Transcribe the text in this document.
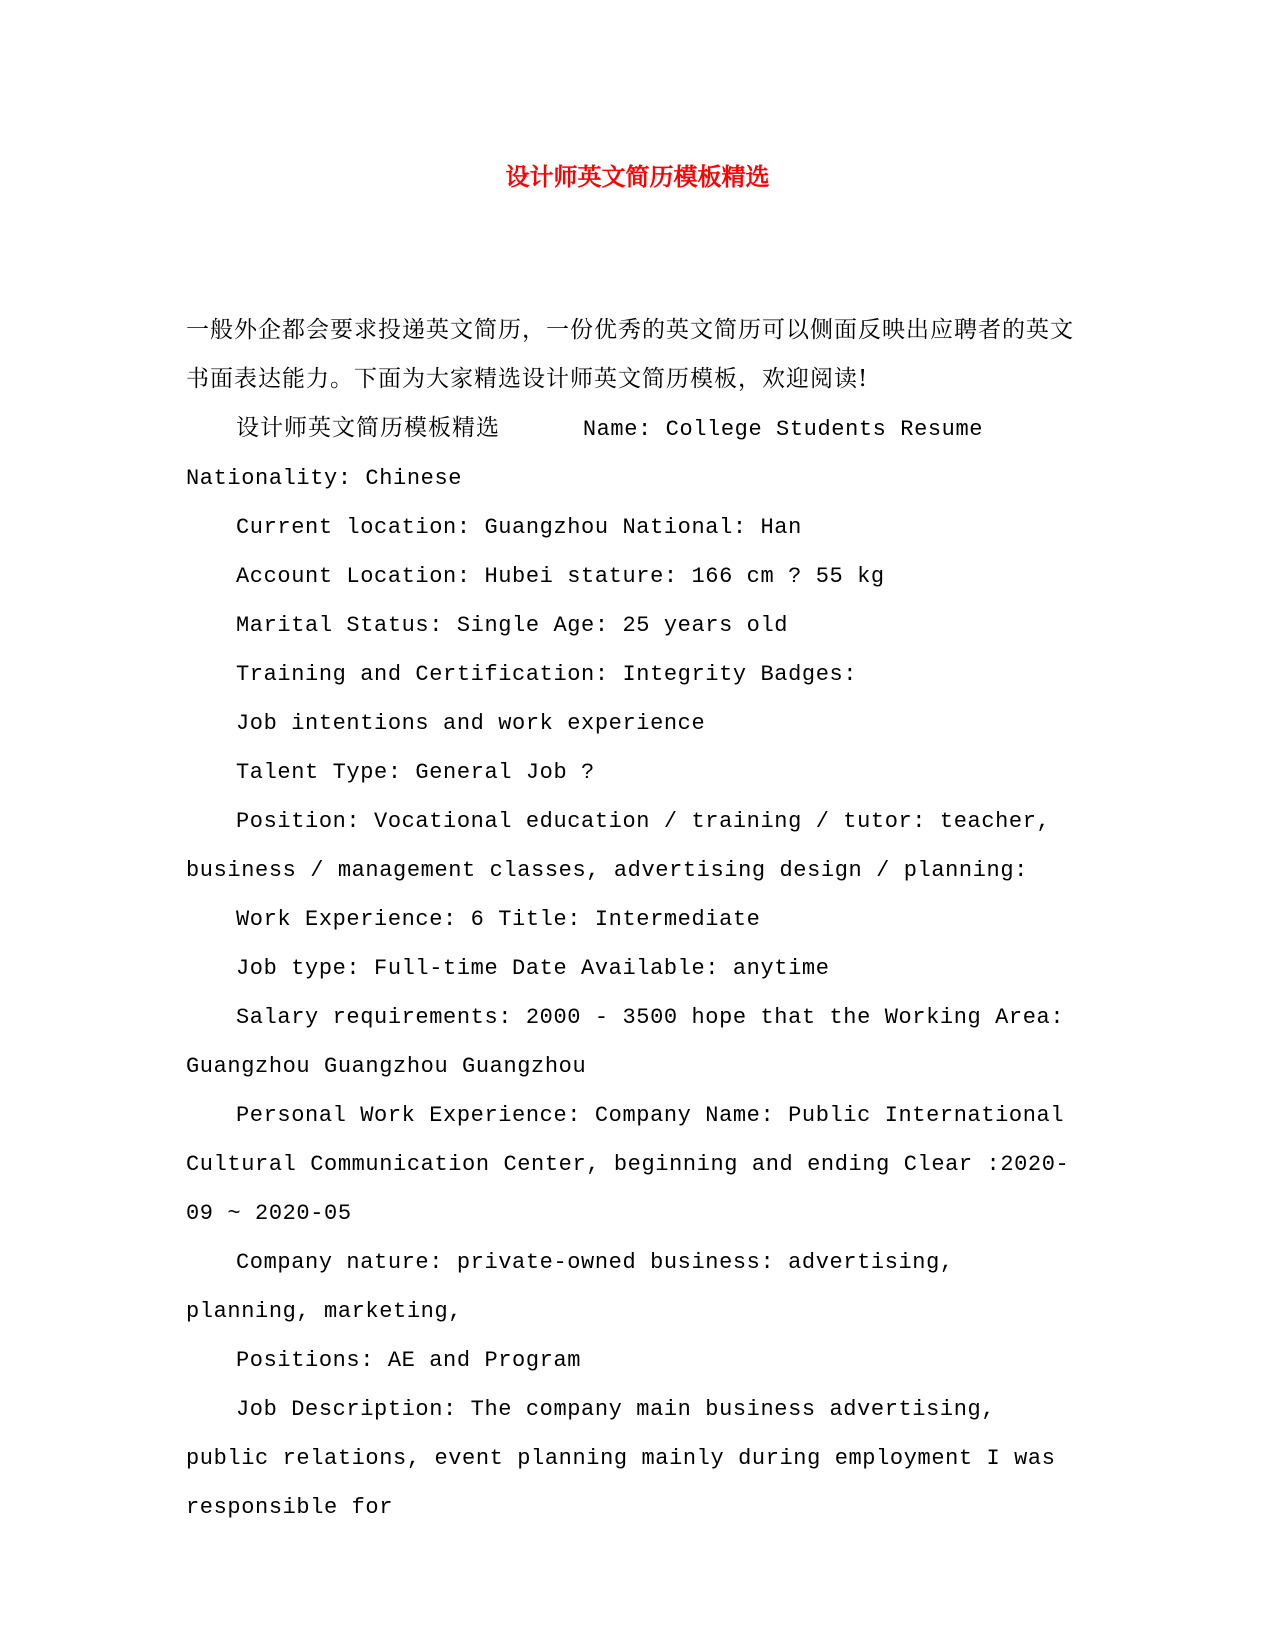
设计师英文简历模板精选

一般外企都会要求投递英文简历，一份优秀的英文简历可以侧面反映出应聘者的英文书面表达能力。下面为大家精选设计师英文简历模板，欢迎阅读!

设计师英文简历模板精选	Name: College Students Resume Nationality: Chinese

Current location: Guangzhou National: Han

Account Location: Hubei stature: 166 cm ? 55 kg

Marital Status: Single Age: 25 years old

Training and Certification: Integrity Badges:

Job intentions and work experience

Talent Type: General Job ?

Position: Vocational education / training / tutor: teacher, business / management classes, advertising design / planning:

Work Experience: 6 Title: Intermediate

Job type: Full-time Date Available: anytime

Salary requirements: 2000 - 3500 hope that the Working Area: Guangzhou Guangzhou Guangzhou

Personal Work Experience: Company Name: Public International Cultural Communication Center, beginning and ending Clear :2020-09 ~ 2020-05

Company nature: private-owned business: advertising, planning, marketing,

Positions: AE and Program

Job Description: The company main business advertising, public relations, event planning mainly during employment I was responsible for
